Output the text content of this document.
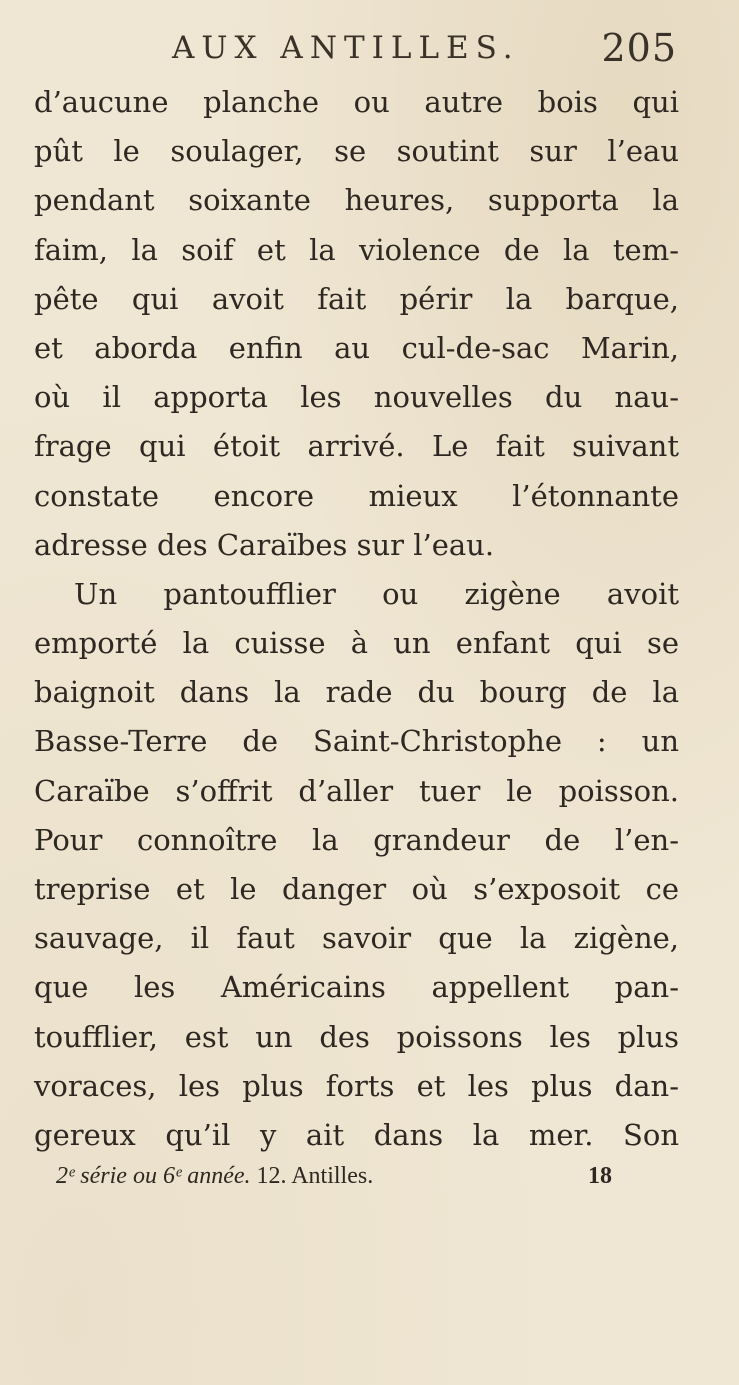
AUX ANTILLES. 205
d’aucune planche ou autre bois qui
pût le soulager, se soutint sur l’eau
pendant soixante heures, supporta la
faim, la soif et la violence de la tem-
pête qui avoit fait périr la barque,
et aborda enfin au cul-de-sac Marin,
où il apporta les nouvelles du nau-
frage qui étoit arrivé. Le fait suivant
constate encore mieux l’étonnante
adresse des Caraïbes sur l’eau.
Un pantoufflier ou zigène avoit
emporté la cuisse à un enfant qui se
baignoit dans la rade du bourg de la
Basse-Terre de Saint-Christophe : un
Caraïbe s’offrit d’aller tuer le poisson.
Pour connoître la grandeur de l’en-
treprise et le danger où s’exposoit ce
sauvage, il faut savoir que la zigène,
que les Américains appellent pan-
toufflier, est un des poissons les plus
voraces, les plus forts et les plus dan-
gereux qu’il y ait dans la mer. Son
2ᵉ série ou 6ᵉ année. 12. Antilles.	18
